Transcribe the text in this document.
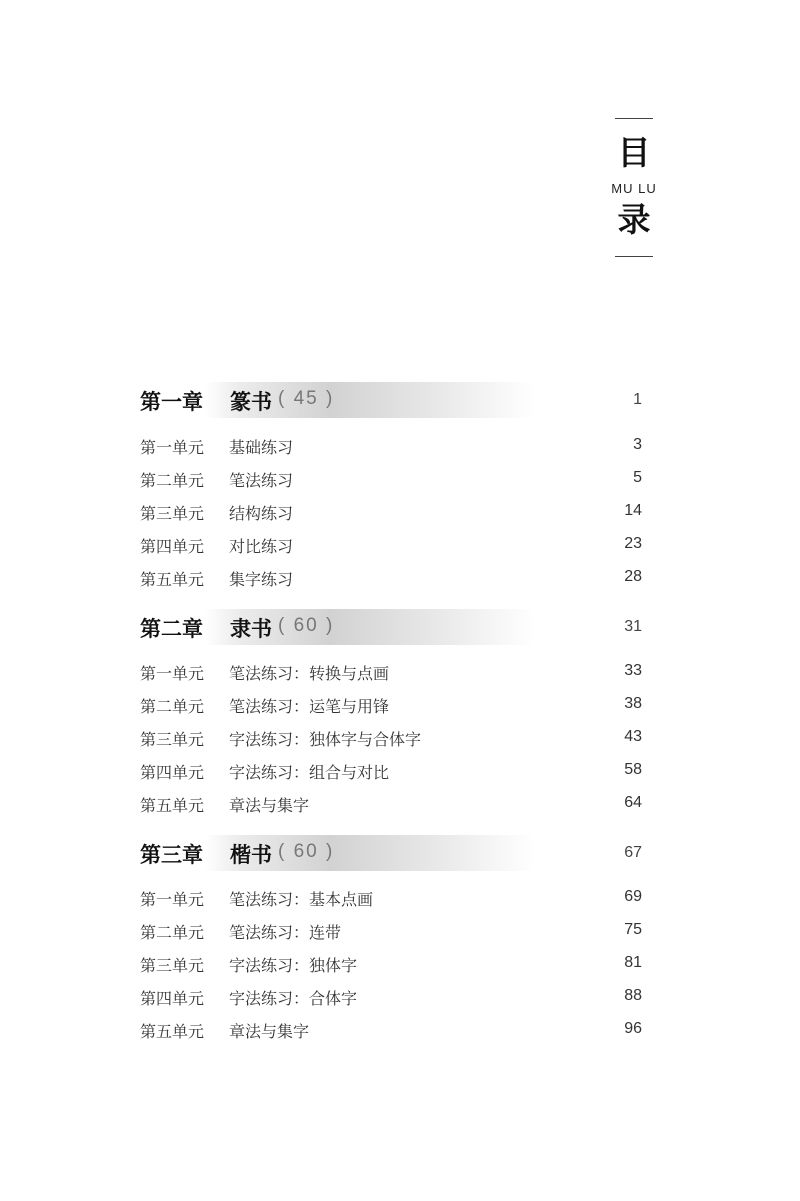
目
MU LU
录
第一章 篆书 ( 45 )	1
第一单元 基础练习	3
第二单元 笔法练习	5
第三单元 结构练习	14
第四单元 对比练习	23
第五单元 集字练习	28
第二章 隶书 ( 60 )	31
第一单元 笔法练习：转换与点画	33
第二单元 笔法练习：运笔与用锋	38
第三单元 字法练习：独体字与合体字	43
第四单元 字法练习：组合与对比	58
第五单元 章法与集字	64
第三章 楷书 ( 60 )	67
第一单元 笔法练习：基本点画	69
第二单元 笔法练习：连带	75
第三单元 字法练习：独体字	81
第四单元 字法练习：合体字	88
第五单元 章法与集字	96
